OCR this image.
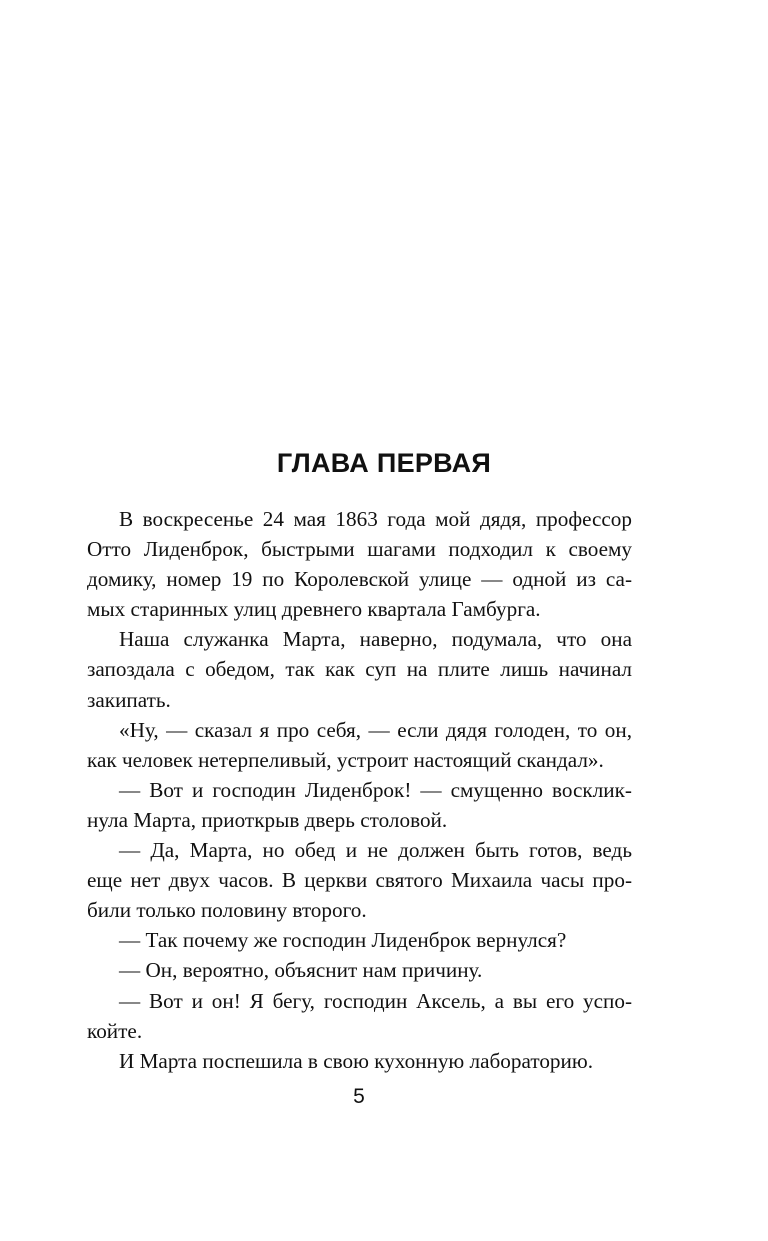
ГЛАВА ПЕРВАЯ
В воскресенье 24 мая 1863 года мой дядя, профессор
Отто Лиденброк, быстрыми шагами подходил к своему
домику, номер 19 по Королевской улице — одной из са-
мых старинных улиц древнего квартала Гамбурга.
Наша служанка Марта, наверно, подумала, что она
запоздала с обедом, так как суп на плите лишь начинал
закипать.
«Ну, — сказал я про себя, — если дядя голоден, то он,
как человек нетерпеливый, устроит настоящий скандал».
— Вот и господин Лиденброк! — смущенно восклик-
нула Марта, приоткрыв дверь столовой.
— Да, Марта, но обед и не должен быть готов, ведь
еще нет двух часов. В церкви святого Михаила часы про-
били только половину второго.
— Так почему же господин Лиденброк вернулся?
— Он, вероятно, объяснит нам причину.
— Вот и он! Я бегу, господин Аксель, а вы его успо-
койте.
И Марта поспешила в свою кухонную лабораторию.
5
